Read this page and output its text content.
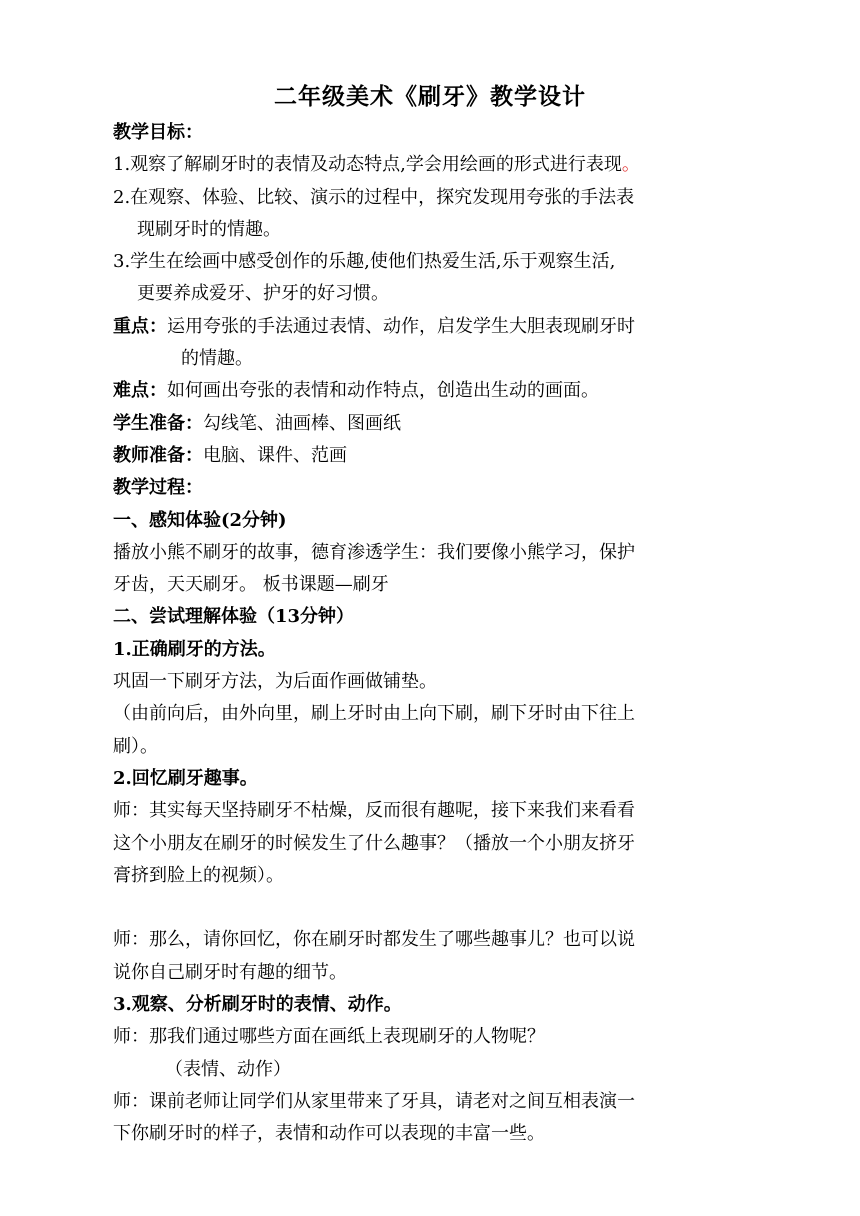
二年级美术《刷牙》教学设计
教学目标：
1.观察了解刷牙时的表情及动态特点,学会用绘画的形式进行表现。
2.在观察、体验、比较、演示的过程中，探究发现用夸张的手法表
现刷牙时的情趣。
3.学生在绘画中感受创作的乐趣,使他们热爱生活,乐于观察生活,
更要养成爱牙、护牙的好习惯。
重点：运用夸张的手法通过表情、动作，启发学生大胆表现刷牙时
的情趣。
难点：如何画出夸张的表情和动作特点，创造出生动的画面。
学生准备：勾线笔、油画棒、图画纸
教师准备：电脑、课件、范画
教学过程：
一、感知体验(2分钟)
播放小熊不刷牙的故事，德育渗透学生：我们要像小熊学习，保护
牙齿，天天刷牙。 板书课题—刷牙
二、尝试理解体验（13分钟）
1.正确刷牙的方法。
巩固一下刷牙方法，为后面作画做铺垫。
（由前向后，由外向里，刷上牙时由上向下刷，刷下牙时由下往上
刷）。
2.回忆刷牙趣事。
师：其实每天坚持刷牙不枯燥，反而很有趣呢，接下来我们来看看
这个小朋友在刷牙的时候发生了什么趣事？（播放一个小朋友挤牙
膏挤到脸上的视频）。
师：那么，请你回忆，你在刷牙时都发生了哪些趣事儿？也可以说
说你自己刷牙时有趣的细节。
3.观察、分析刷牙时的表情、动作。
师：那我们通过哪些方面在画纸上表现刷牙的人物呢？
（表情、动作）
师：课前老师让同学们从家里带来了牙具，请老对之间互相表演一
下你刷牙时的样子，表情和动作可以表现的丰富一些。
